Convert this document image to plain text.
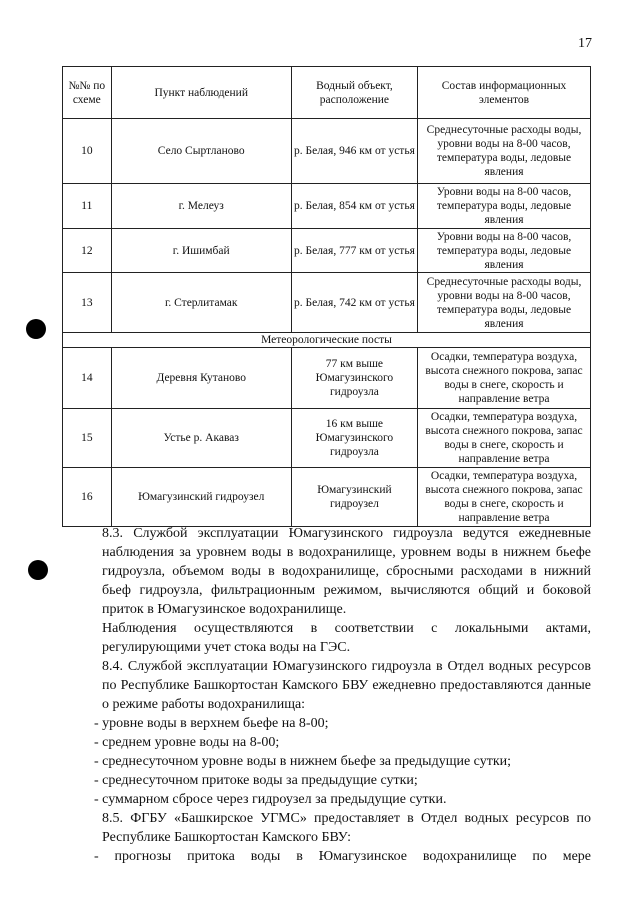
17
№№ по схеме	Пункт наблюдений	Водный объект, расположение	Состав информационных элементов
10	Село Сыртланово	р. Белая, 946 км от устья	Среднесуточные расходы воды, уровни воды на 8-00 часов, температура воды, ледовые явления
11	г. Мелеуз	р. Белая, 854 км от устья	Уровни воды на 8-00 часов, температура воды, ледовые явления
12	г. Ишимбай	р. Белая, 777 км от устья	Уровни воды на 8-00 часов, температура воды, ледовые явления
13	г. Стерлитамак	р. Белая, 742 км от устья	Среднесуточные расходы воды, уровни воды на 8-00 часов, температура воды, ледовые явления
Метеорологические посты			
14	Деревня Кутаново	77 км выше Юмагузинского гидроузла	Осадки, температура воздуха, высота снежного покрова, запас воды в снеге, скорость и направление ветра
15	Устье р. Акаваз	16 км выше Юмагузинского гидроузла	Осадки, температура воздуха, высота снежного покрова, запас воды в снеге, скорость и направление ветра
16	Юмагузинский гидроузел	Юмагузинский гидроузел	Осадки, температура воздуха, высота снежного покрова, запас воды в снеге, скорость и направление ветра
8.3. Службой эксплуатации Юмагузинского гидроузла ведутся ежедневные наблюдения за уровнем воды в водохранилище, уровнем воды в нижнем бьефе гидроузла, объемом воды в водохранилище, сбросными расходами в нижний бьеф гидроузла, фильтрационным режимом, вычисляются общий и боковой приток в Юмагузинское водохранилище.
Наблюдения осуществляются в соответствии с локальными актами, регулирующими учет стока воды на ГЭС.
8.4. Службой эксплуатации Юмагузинского гидроузла в Отдел водных ресурсов по Республике Башкортостан Камского БВУ ежедневно предоставляются данные о режиме работы водохранилища:
- уровне воды в верхнем бьефе на 8-00;
- среднем уровне воды на 8-00;
- среднесуточном уровне воды в нижнем бьефе за предыдущие сутки;
- среднесуточном притоке воды за предыдущие сутки;
- суммарном сбросе через гидроузел за предыдущие сутки.
8.5. ФГБУ «Башкирское УГМС» предоставляет в Отдел водных ресурсов по Республике Башкортостан Камского БВУ:
- прогнозы притока воды в Юмагузинское водохранилище по мере
